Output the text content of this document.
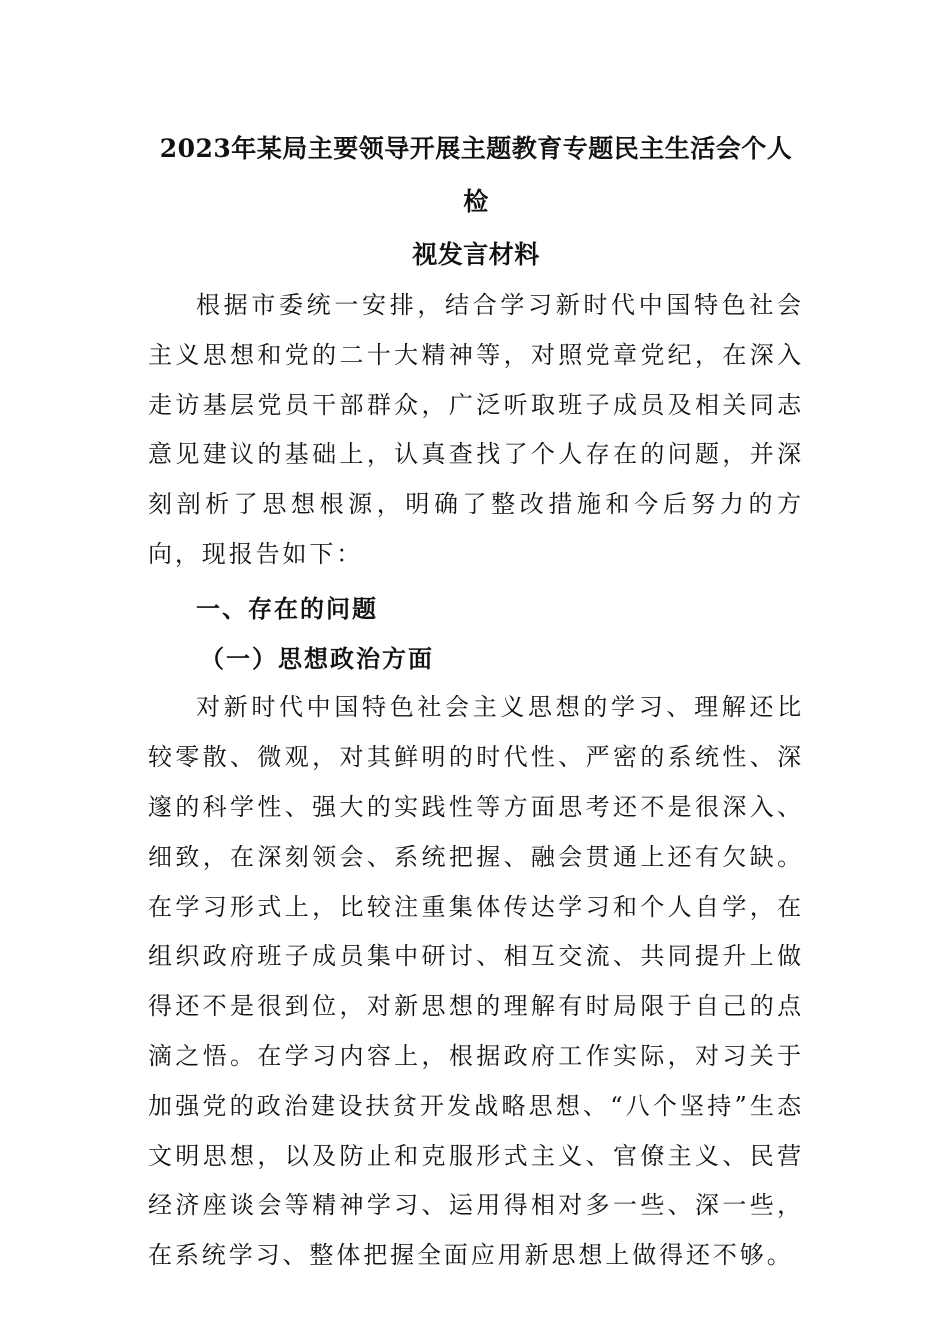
2023年某局主要领导开展主题教育专题民主生活会个人检
视发言材料

根据市委统一安排，结合学习新时代中国特色社会主义思想和党的二十大精神等，对照党章党纪，在深入走访基层党员干部群众，广泛听取班子成员及相关同志意见建议的基础上，认真查找了个人存在的问题，并深刻剖析了思想根源，明确了整改措施和今后努力的方向，现报告如下：

一、存在的问题

（一）思想政治方面

对新时代中国特色社会主义思想的学习、理解还比较零散、微观，对其鲜明的时代性、严密的系统性、深邃的科学性、强大的实践性等方面思考还不是很深入、细致，在深刻领会、系统把握、融会贯通上还有欠缺。在学习形式上，比较注重集体传达学习和个人自学，在组织政府班子成员集中研讨、相互交流、共同提升上做得还不是很到位，对新思想的理解有时局限于自己的点滴之悟。在学习内容上，根据政府工作实际，对习关于加强党的政治建设扶贫开发战略思想、“八个坚持”生态文明思想，以及防止和克服形式主义、官僚主义、民营经济座谈会等精神学习、运用得相对多一些、深一些，在系统学习、整体把握全面应用新思想上做得还不够。
